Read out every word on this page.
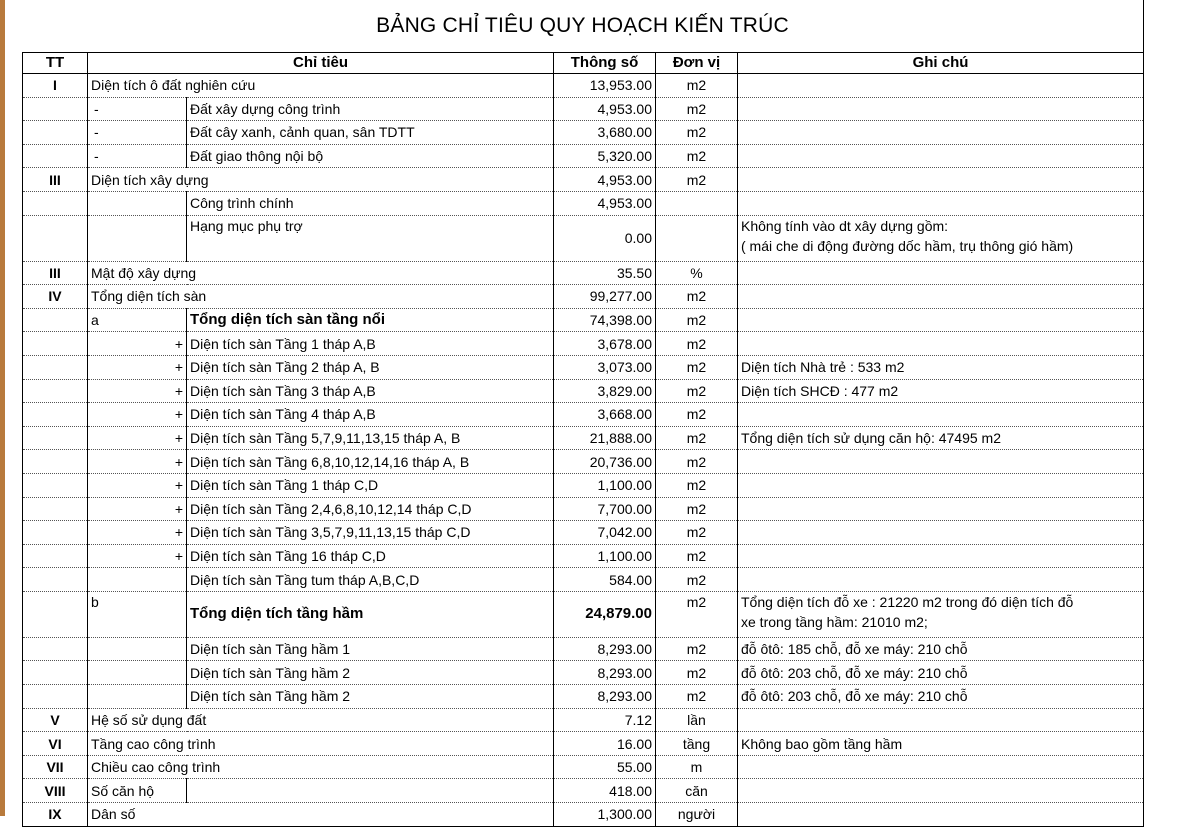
BẢNG CHỈ TIÊU QUY HOẠCH KIẾN TRÚC
TT	Chỉ tiêu		Thông số	Đơn vị	Ghi chú
I	Diện tích ô đất nghiên cứu		13,953.00	m2	
	-	Đất xây dựng công trình	4,953.00	m2	
	-	Đất cây xanh, cảnh quan, sân TDTT	3,680.00	m2	
	-	Đất giao thông nội bộ	5,320.00	m2	
III	Diện tích xây dựng		4,953.00	m2	
		Công trình chính	4,953.00		
		Hạng mục phụ trợ	0.00		Không tính vào dt xây dựng gồm:
( mái che di động đường dốc hầm, trụ thông gió hầm)

III	Mật độ xây dựng		35.50	%	
IV	Tổng diện tích sàn		99,277.00	m2	
	a	Tổng diện tích sàn tầng nổi	74,398.00	m2	
	+	Diện tích sàn Tầng 1 tháp A,B	3,678.00	m2	
	+	Diện tích sàn Tầng 2 tháp A, B	3,073.00	m2	Diện tích Nhà trẻ : 533 m2
	+	Diện tích sàn Tầng 3 tháp A,B	3,829.00	m2	Diện tích SHCĐ : 477 m2
	+	Diện tích sàn Tầng 4 tháp A,B	3,668.00	m2	
	+	Diện tích sàn Tầng 5,7,9,11,13,15 tháp A, B	21,888.00	m2	Tổng diện tích sử dụng căn hộ: 47495 m2
	+	Diện tích sàn Tầng 6,8,10,12,14,16 tháp A, B	20,736.00	m2	
	+	Diện tích sàn Tầng 1 tháp C,D	1,100.00	m2	
	+	Diện tích sàn Tầng 2,4,6,8,10,12,14 tháp C,D	7,700.00	m2	
	+	Diện tích sàn Tầng 3,5,7,9,11,13,15 tháp C,D	7,042.00	m2	
	+	Diện tích sàn Tầng 16 tháp C,D	1,100.00	m2	
		Diện tích sàn Tầng tum tháp A,B,C,D	584.00	m2	
	b	Tổng diện tích tầng hầm	24,879.00	m2	Tổng diện tích đỗ xe : 21220 m2 trong đó diện tích đỗ
xe trong tầng hầm: 21010 m2;

		Diện tích sàn Tầng hầm 1	8,293.00	m2	đỗ ôtô: 185 chỗ, đỗ xe máy: 210 chỗ
		Diện tích sàn Tầng hầm 2	8,293.00	m2	đỗ ôtô: 203 chỗ, đỗ xe máy: 210 chỗ
		Diện tích sàn Tầng hầm 2	8,293.00	m2	đỗ ôtô: 203 chỗ, đỗ xe máy: 210 chỗ
V	Hệ số sử dụng đất		7.12	lần	
VI	Tầng cao công trình		16.00	tầng	Không bao gồm tầng hầm
VII	Chiều cao công trình		55.00	m	
VIII	Số căn hộ		418.00	căn	
IX	Dân số		1,300.00	người	
